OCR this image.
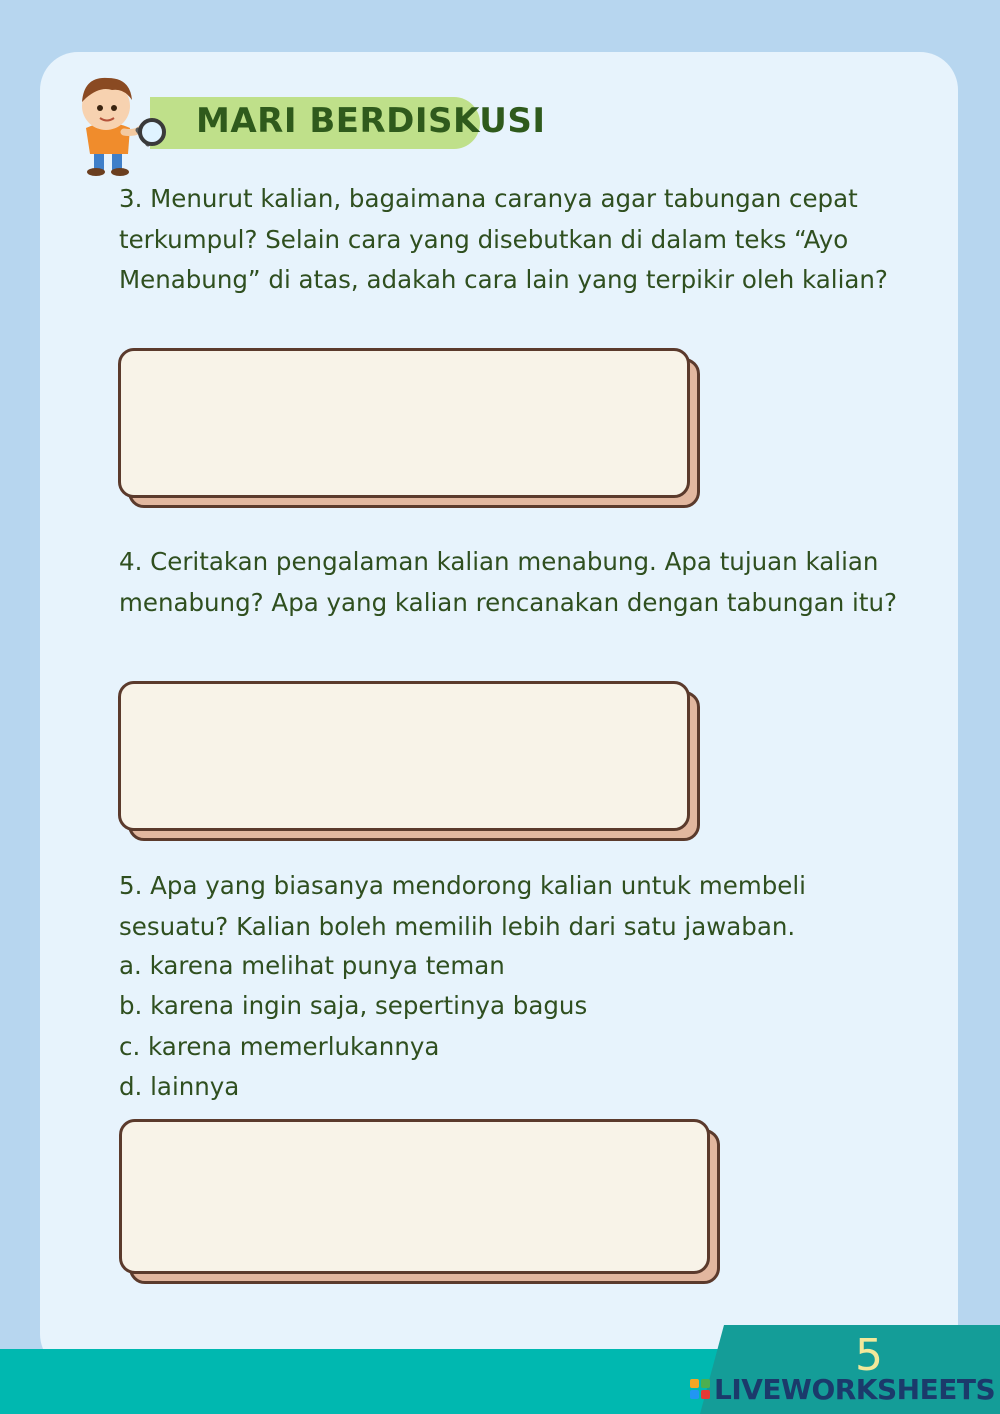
MARI BERDISKUSI

3. Menurut kalian, bagaimana caranya agar tabungan cepat terkumpul? Selain cara yang disebutkan di dalam teks “Ayo Menabung” di atas, adakah cara lain yang terpikir oleh kalian?

4. Ceritakan pengalaman kalian menabung. Apa tujuan kalian menabung? Apa yang kalian rencanakan dengan tabungan itu?

5. Apa yang biasanya mendorong kalian untuk membeli sesuatu? Kalian boleh memilih lebih dari satu jawaban.

a. karena melihat punya teman

b. karena ingin saja, sepertinya bagus

c. karena memerlukannya

d. lainnya

5

LIVEWORKSHEETS
